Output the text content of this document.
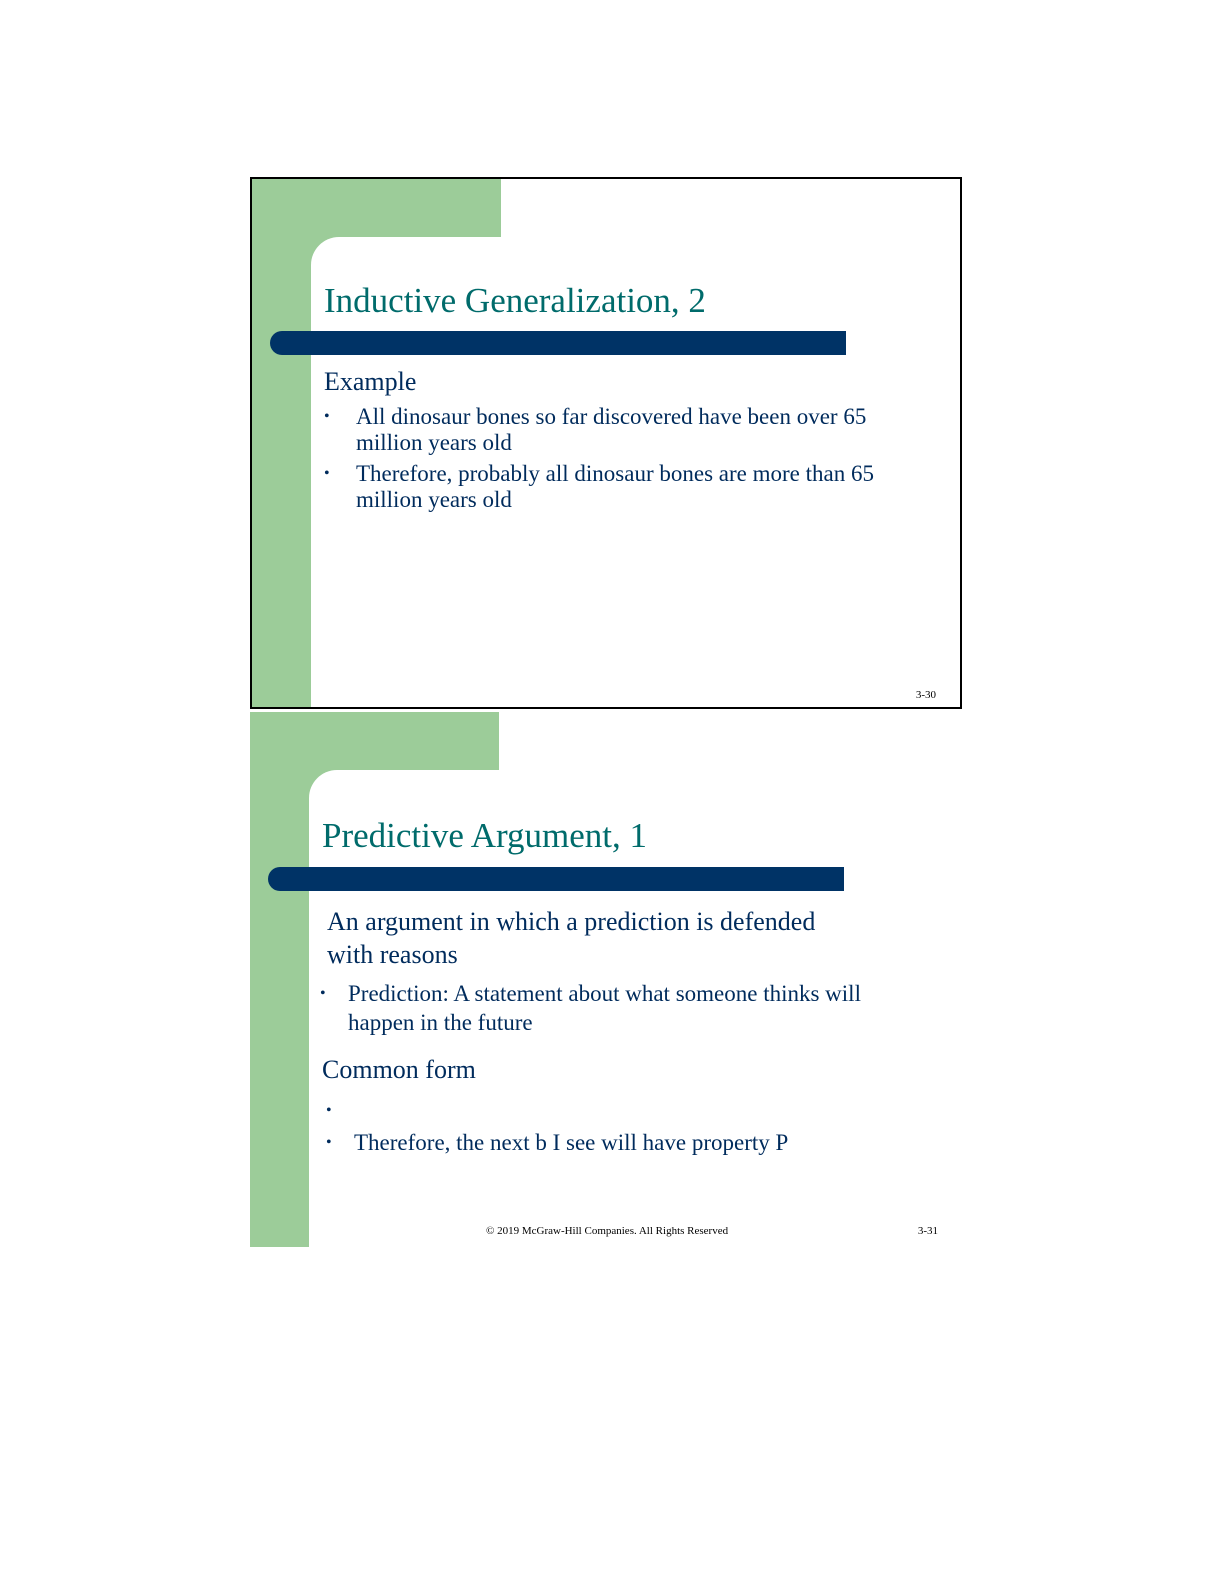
Inductive Generalization, 2
Example
• All dinosaur bones so far discovered have been over 65
million years old
• Therefore, probably all dinosaur bones are more than 65
million years old
3-30
Predictive Argument, 1
An argument in which a prediction is defended
with reasons
• Prediction: A statement about what someone thinks will
happen in the future
Common form
•
• Therefore, the next b I see will have property P
© 2019 McGraw-Hill Companies. All Rights Reserved	3-31
